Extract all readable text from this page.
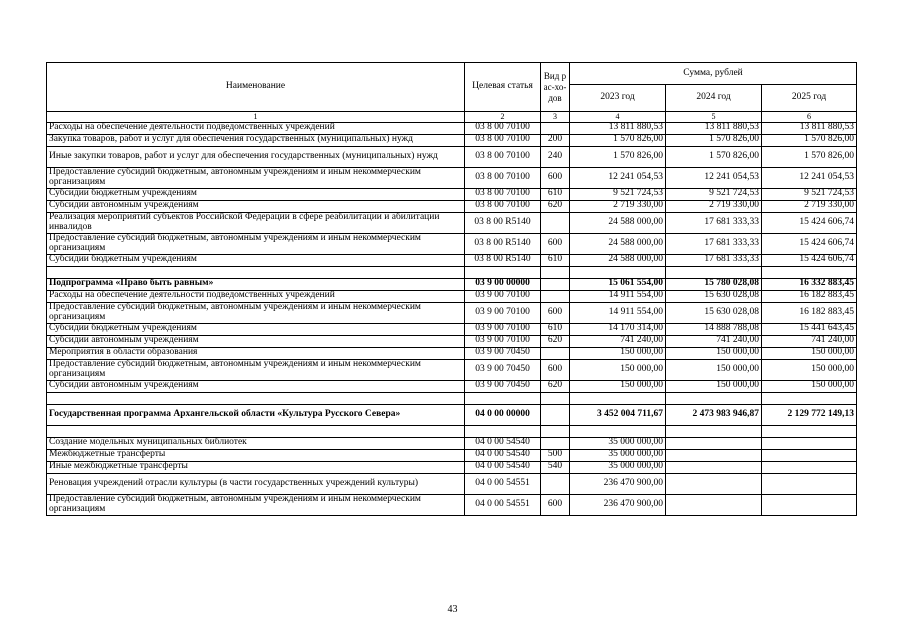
Наименование	Целевая статья	Вид рас-хо-дов	Сумма, рублей		
			2023 год	2024 год	2025 год
1	2	3	4	5	6
Расходы на обеспечение деятельности подведомственных учреждений	03 8 00 70100		13 811 880,53	13 811 880,53	13 811 880,53
Закупка товаров, работ и услуг для обеспечения государственных (муниципальных) нужд	03 8 00 70100	200	1 570 826,00	1 570 826,00	1 570 826,00
Иные закупки товаров, работ и услуг для обеспечения государственных (муниципальных) нужд	03 8 00 70100	240	1 570 826,00	1 570 826,00	1 570 826,00
Предоставление субсидий бюджетным, автономным учреждениям и иным некоммерческим организациям	03 8 00 70100	600	12 241 054,53	12 241 054,53	12 241 054,53
Субсидии бюджетным учреждениям	03 8 00 70100	610	9 521 724,53	9 521 724,53	9 521 724,53
Субсидии автономным учреждениям	03 8 00 70100	620	2 719 330,00	2 719 330,00	2 719 330,00
Реализация мероприятий субъектов Российской Федерации в сфере реабилитации и абилитации инвалидов	03 8 00 R5140		24 588 000,00	17 681 333,33	15 424 606,74
Предоставление субсидий бюджетным, автономным учреждениям и иным некоммерческим организациям	03 8 00 R5140	600	24 588 000,00	17 681 333,33	15 424 606,74
Субсидии бюджетным учреждениям	03 8 00 R5140	610	24 588 000,00	17 681 333,33	15 424 606,74

Подпрограмма «Право быть равным»	03 9 00 00000		15 061 554,00	15 780 028,08	16 332 883,45
Расходы на обеспечение деятельности подведомственных учреждений	03 9 00 70100		14 911 554,00	15 630 028,08	16 182 883,45
Предоставление субсидий бюджетным, автономным учреждениям и иным некоммерческим организациям	03 9 00 70100	600	14 911 554,00	15 630 028,08	16 182 883,45
Субсидии бюджетным учреждениям	03 9 00 70100	610	14 170 314,00	14 888 788,08	15 441 643,45
Субсидии автономным учреждениям	03 9 00 70100	620	741 240,00	741 240,00	741 240,00
Мероприятия в области образования	03 9 00 70450		150 000,00	150 000,00	150 000,00
Предоставление субсидий бюджетным, автономным учреждениям и иным некоммерческим организациям	03 9 00 70450	600	150 000,00	150 000,00	150 000,00
Субсидии автономным учреждениям	03 9 00 70450	620	150 000,00	150 000,00	150 000,00

Государственная программа Архангельской области «Культура Русского Севера»	04 0 00 00000		3 452 004 711,67	2 473 983 946,87	2 129 772 149,13

Создание модельных муниципальных библиотек	04 0 00 54540		35 000 000,00		
Межбюджетные трансферты	04 0 00 54540	500	35 000 000,00		
Иные межбюджетные трансферты	04 0 00 54540	540	35 000 000,00		
Реновация учреждений отрасли культуры (в части государственных учреждений культуры)	04 0 00 54551		236 470 900,00		
Предоставление субсидий бюджетным, автономным учреждениям и иным некоммерческим организациям	04 0 00 54551	600	236 470 900,00		
43
